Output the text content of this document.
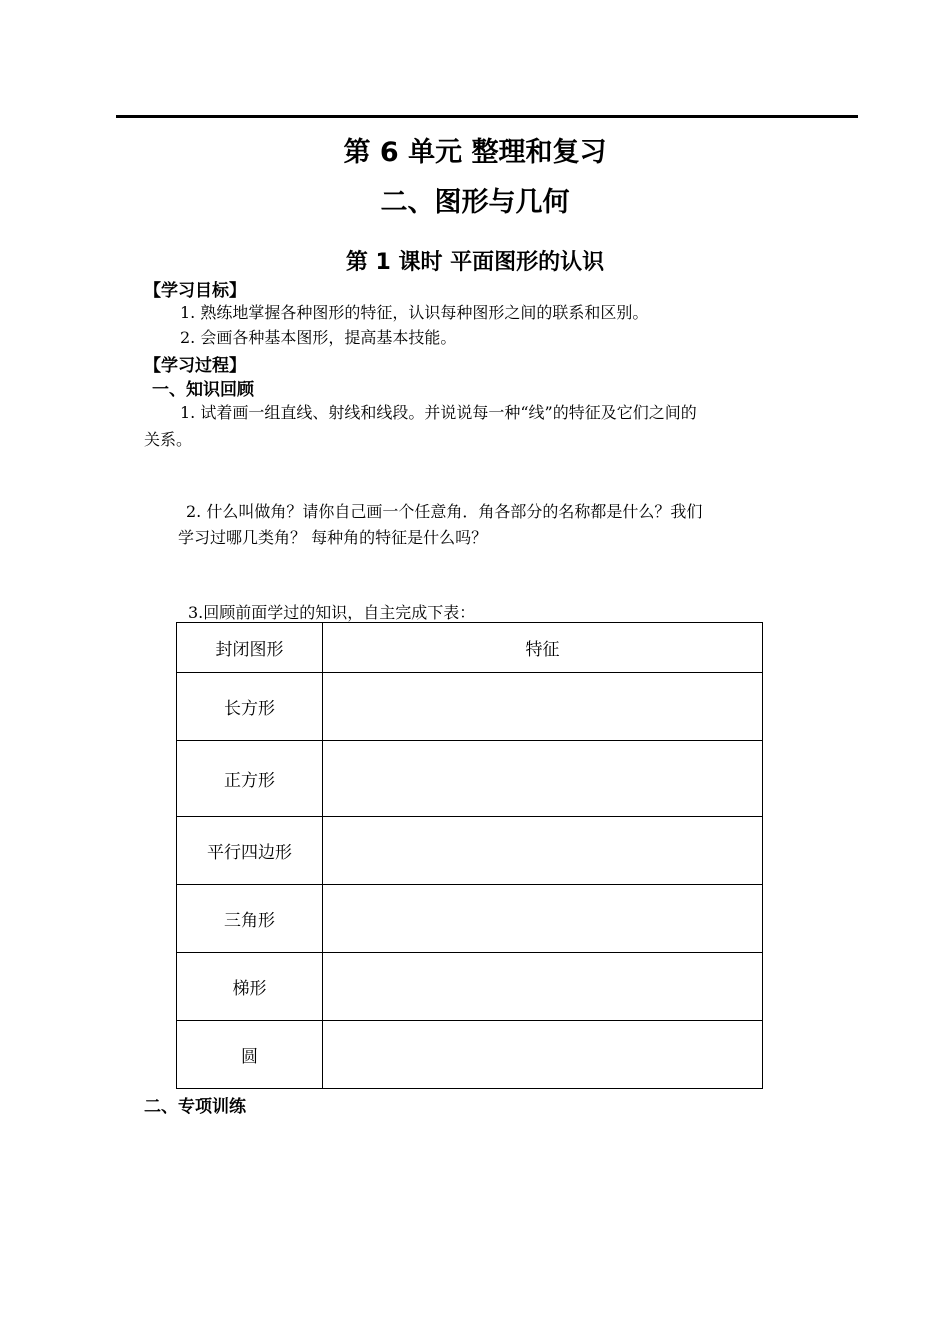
第 6 单元 整理和复习
二、图形与几何
第 1 课时 平面图形的认识
【学习目标】
1. 熟练地掌握各种图形的特征，认识每种图形之间的联系和区别。
2. 会画各种基本图形，提高基本技能。
【学习过程】
一、知识回顾
1. 试着画一组直线、射线和线段。并说说每一种“线”的特征及它们之间的
关系。
2. 什么叫做角？请你自己画一个任意角．角各部分的名称都是什么？我们
学习过哪几类角？ 每种角的特征是什么吗？
3.回顾前面学过的知识，自主完成下表：
封闭图形	特征
长方形	
正方形	
平行四边形	
三角形	
梯形	
圆	
二、专项训练
